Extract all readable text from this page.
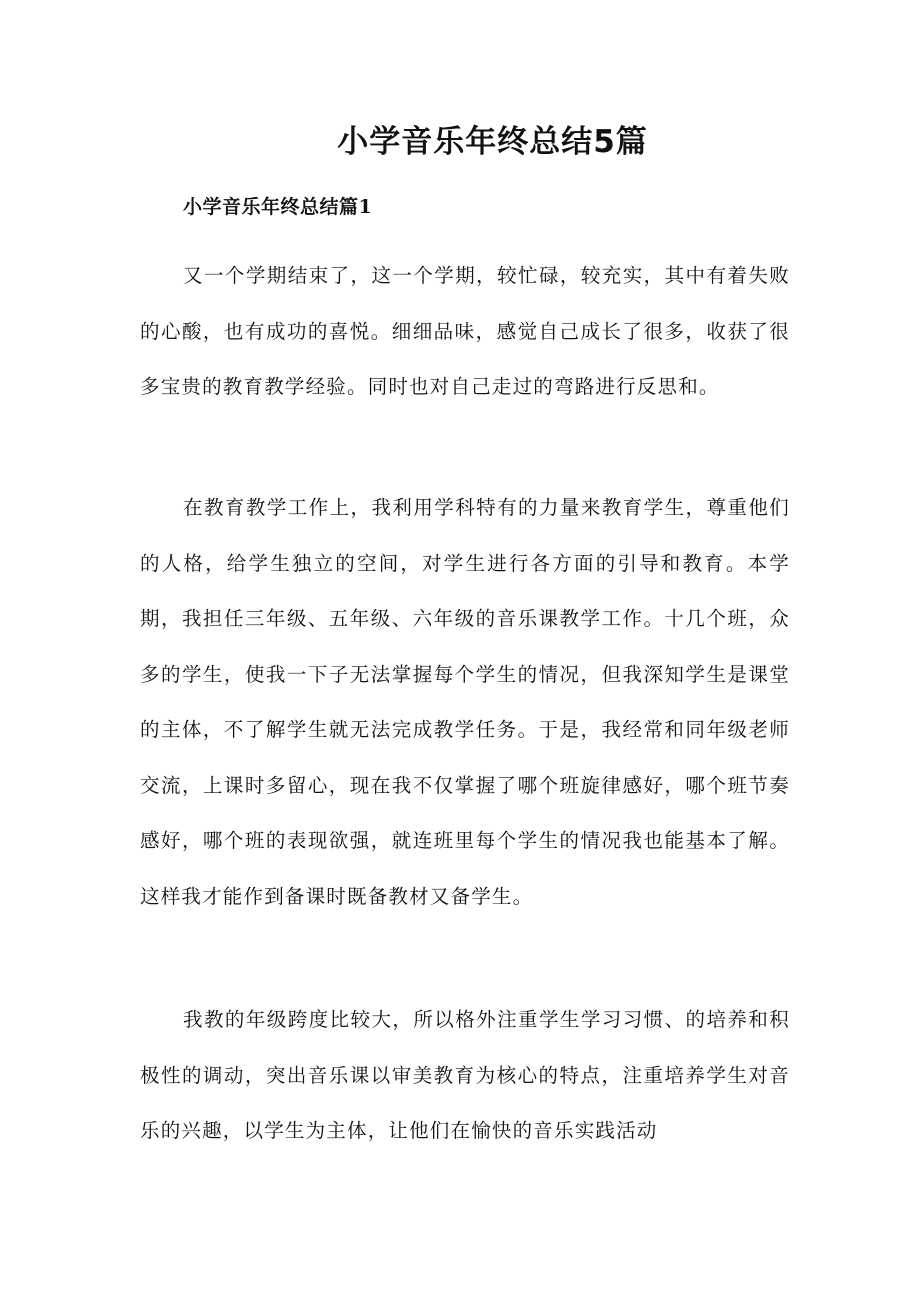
小学音乐年终总结5篇
小学音乐年终总结篇1

又一个学期结束了，这一个学期，较忙碌，较充实，其中有着失败的心酸，也有成功的喜悦。细细品味，感觉自己成长了很多，收获了很多宝贵的教育教学经验。同时也对自己走过的弯路进行反思和。

在教育教学工作上，我利用学科特有的力量来教育学生，尊重他们的人格，给学生独立的空间，对学生进行各方面的引导和教育。本学期，我担任三年级、五年级、六年级的音乐课教学工作。十几个班，众多的学生，使我一下子无法掌握每个学生的情况，但我深知学生是课堂的主体，不了解学生就无法完成教学任务。于是，我经常和同年级老师交流，上课时多留心，现在我不仅掌握了哪个班旋律感好，哪个班节奏感好，哪个班的表现欲强，就连班里每个学生的情况我也能基本了解。这样我才能作到备课时既备教材又备学生。

我教的年级跨度比较大，所以格外注重学生学习习惯、的培养和积极性的调动，突出音乐课以审美教育为核心的特点，注重培养学生对音乐的兴趣，以学生为主体，让他们在愉快的音乐实践活动
